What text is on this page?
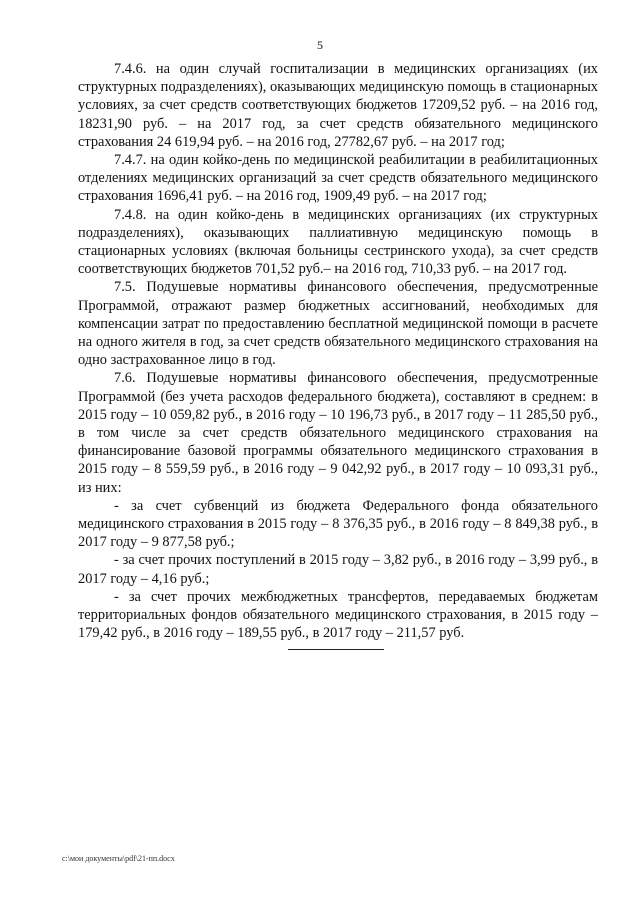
5

7.4.6. на один случай госпитализации в медицинских организациях (их структурных подразделениях), оказывающих медицинскую помощь в стационарных условиях, за счет средств соответствующих бюджетов 17209,52 руб. – на 2016 год, 18231,90 руб. – на 2017 год, за счет средств обязательного медицинского страхования 24 619,94 руб. – на 2016 год, 27782,67 руб. – на 2017 год;

7.4.7. на один койко-день по медицинской реабилитации в реабилитационных отделениях медицинских организаций за счет средств обязательного медицинского страхования 1696,41 руб. – на 2016 год, 1909,49 руб. – на 2017 год;

7.4.8. на один койко-день в медицинских организациях (их структурных подразделениях), оказывающих паллиативную медицинскую помощь в стационарных условиях (включая больницы сестринского ухода), за счет средств соответствующих бюджетов 701,52 руб.– на 2016 год, 710,33 руб. – на 2017 год.

7.5. Подушевые нормативы финансового обеспечения, предусмотренные Программой, отражают размер бюджетных ассигнований, необходимых для компенсации затрат по предоставлению бесплатной медицинской помощи в расчете на одного жителя в год, за счет средств обязательного медицинского страхования на одно застрахованное лицо в год.

7.6. Подушевые нормативы финансового обеспечения, предусмотренные Программой (без учета расходов федерального бюджета), составляют в среднем: в 2015 году – 10 059,82 руб., в 2016 году – 10 196,73 руб., в 2017 году – 11 285,50 руб., в том числе за счет средств обязательного медицинского страхования на финансирование базовой программы обязательного медицинского страхования в 2015 году – 8 559,59 руб., в 2016 году – 9 042,92 руб., в 2017 году – 10 093,31 руб., из них:

- за счет субвенций из бюджета Федерального фонда обязательного медицинского страхования в 2015 году – 8 376,35 руб., в 2016 году – 8 849,38 руб., в 2017 году – 9 877,58 руб.;

- за счет прочих поступлений в 2015 году – 3,82 руб., в 2016 году – 3,99 руб., в 2017 году – 4,16 руб.;

- за счет прочих межбюджетных трансфертов, передаваемых бюджетам территориальных фондов обязательного медицинского страхования, в 2015 году – 179,42 руб., в 2016 году – 189,55 руб., в 2017 году – 211,57 руб.

c:\мои документы\pdf\21-пп.docx
